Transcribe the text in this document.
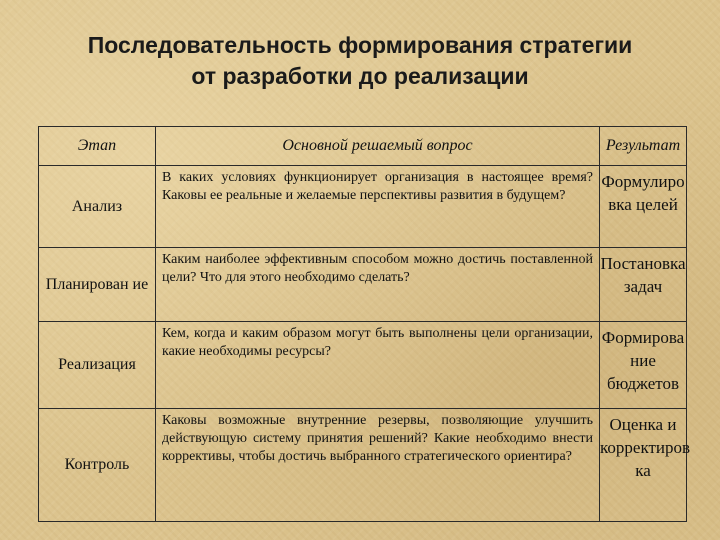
Последовательность формирования стратегии
от разработки до реализации
Этап	Основной решаемый вопрос	Результат
Анализ	В каких условиях функционирует организация в настоящее время? Каковы ее реальные и желаемые перспективы развития в будущем?	Формулиро вка целей
Планирован ие	Каким наиболее эффективным способом можно достичь поставленной цели? Что для этого необходимо сделать?	Постановка задач
Реализация	Кем, когда и каким образом могут быть выполнены цели организации, какие необходимы ресурсы?	Формирова ние бюджетов
Контроль	Каковы возможные внутренние резервы, позволяющие улучшить действующую систему принятия решений? Какие необходимо внести коррективы, чтобы достичь выбранного стратегического ориентира?	Оценка и корректиров ка
